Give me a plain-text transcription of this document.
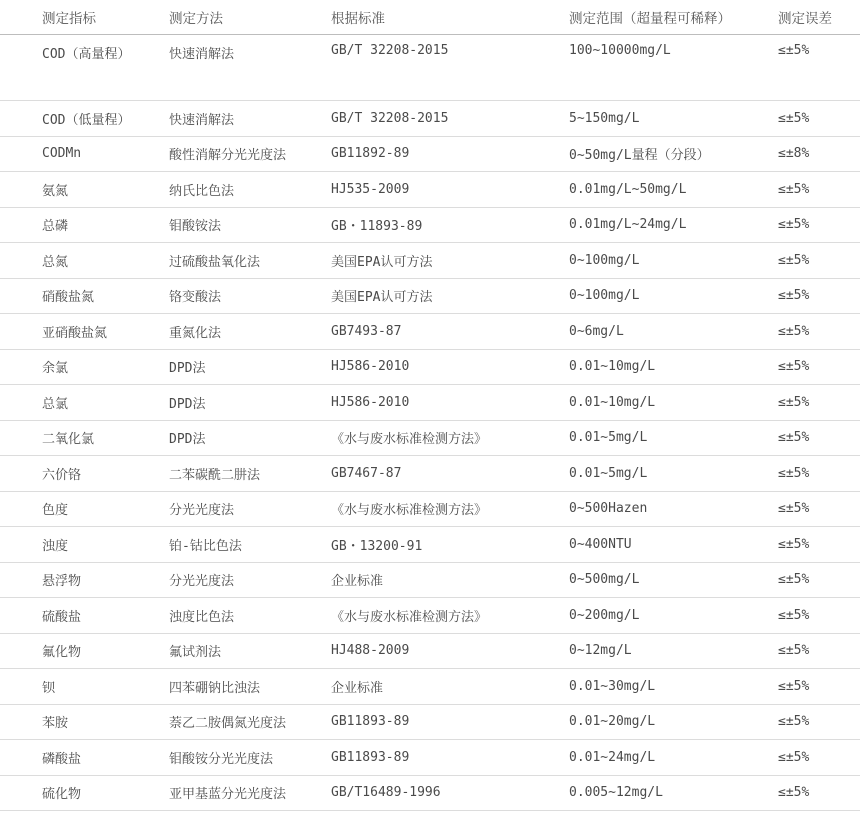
测定指标	测定方法	根据标准	测定范围（超量程可稀释）	测定误差
COD（高量程）	快速消解法	GB/T 32208-2015	100~10000mg/L	≤±5%
COD（低量程）	快速消解法	GB/T 32208-2015	5~150mg/L	≤±5%
CODMn	酸性消解分光光度法	GB11892-89	0~50mg/L量程（分段）	≤±8%
氨氮	纳氏比色法	HJ535-2009	0.01mg/L~50mg/L	≤±5%
总磷	钼酸铵法	GB・11893-89	0.01mg/L~24mg/L	≤±5%
总氮	过硫酸盐氧化法	美国EPA认可方法	0~100mg/L	≤±5%
硝酸盐氮	铬变酸法	美国EPA认可方法	0~100mg/L	≤±5%
亚硝酸盐氮	重氮化法	GB7493-87	0~6mg/L	≤±5%
余氯	DPD法	HJ586-2010	0.01~10mg/L	≤±5%
总氯	DPD法	HJ586-2010	0.01~10mg/L	≤±5%
二氧化氯	DPD法	《水与废水标准检测方法》	0.01~5mg/L	≤±5%
六价铬	二苯碳酰二肼法	GB7467-87	0.01~5mg/L	≤±5%
色度	分光光度法	《水与废水标准检测方法》	0~500Hazen	≤±5%
浊度	铂-钴比色法	GB・13200-91	0~400NTU	≤±5%
悬浮物	分光光度法	企业标准	0~500mg/L	≤±5%
硫酸盐	浊度比色法	《水与废水标准检测方法》	0~200mg/L	≤±5%
氟化物	氟试剂法	HJ488-2009	0~12mg/L	≤±5%
钡	四苯硼钠比浊法	企业标准	0.01~30mg/L	≤±5%
苯胺	萘乙二胺偶氮光度法	GB11893-89	0.01~20mg/L	≤±5%
磷酸盐	钼酸铵分光光度法	GB11893-89	0.01~24mg/L	≤±5%
硫化物	亚甲基蓝分光光度法	GB/T16489-1996	0.005~12mg/L	≤±5%
